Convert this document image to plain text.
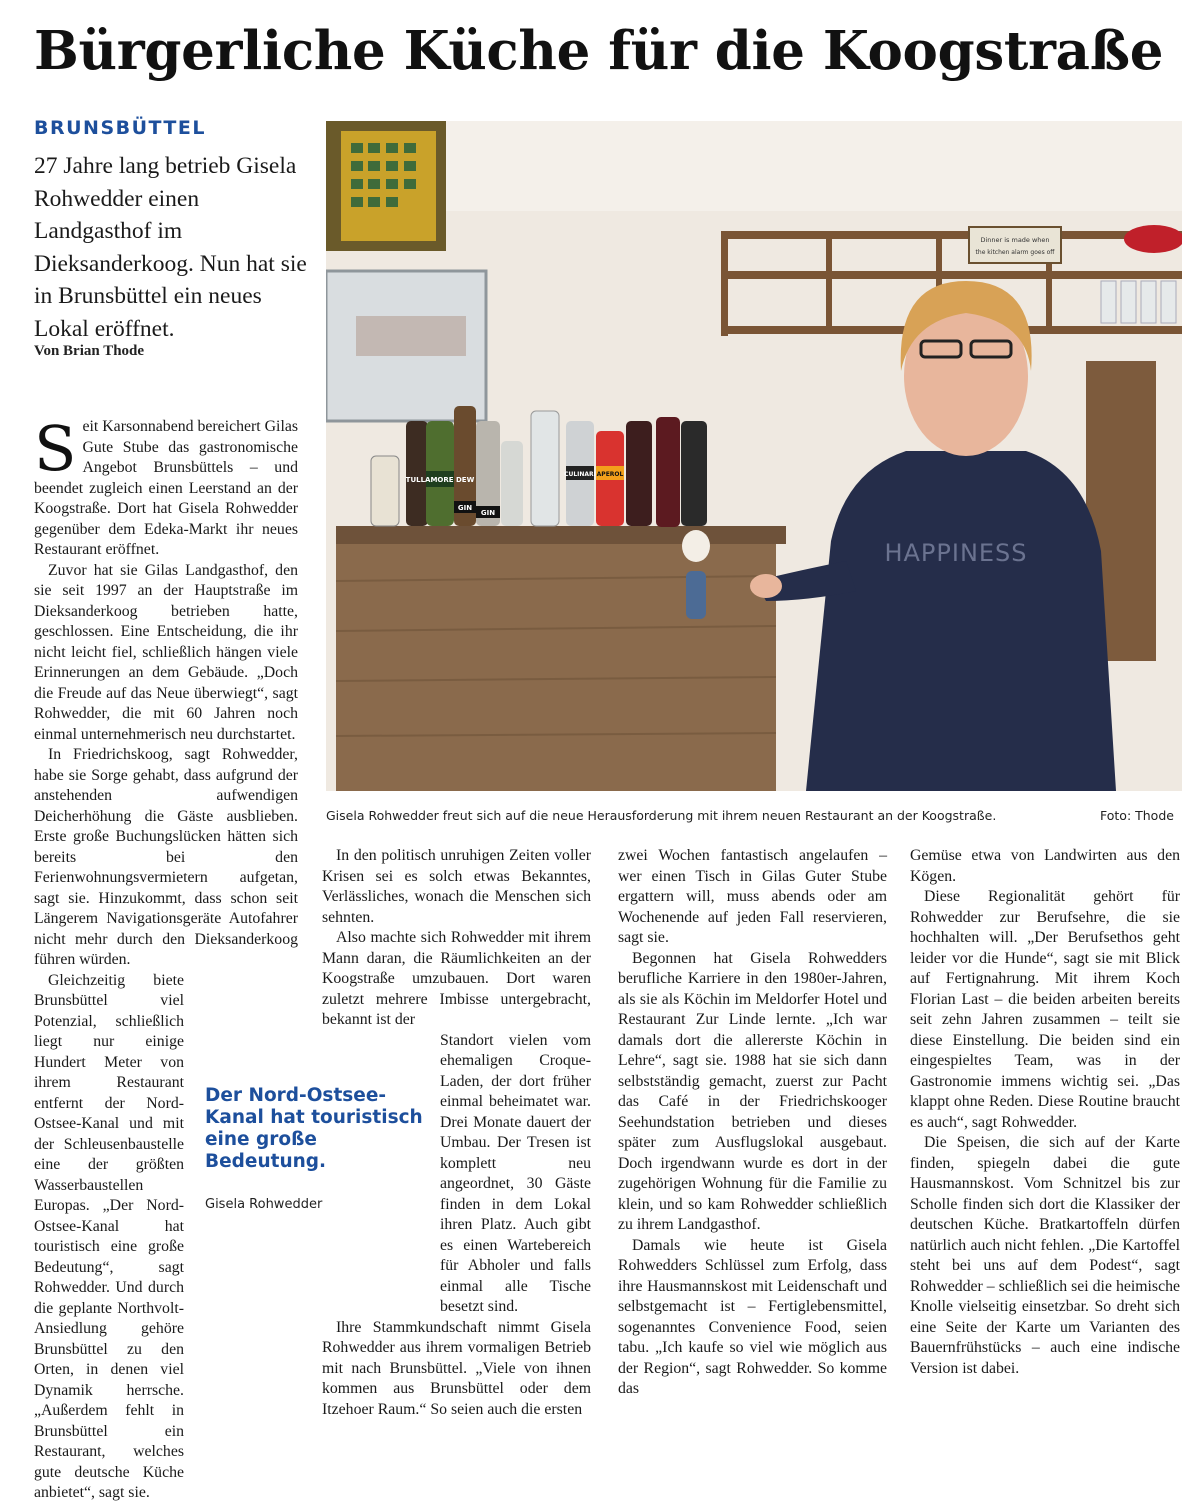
Bürgerliche Küche für die Koogstraße
BRUNSBÜTTEL
27 Jahre lang betrieb Gisela Rohwedder einen Landgasthof im Dieksanderkoog. Nun hat sie in Brunsbüttel ein neues Lokal eröffnet.
Von Brian Thode
Dinner is made when
the kitchen alarm goes off
TULLAMORE DEW
GIN
GIN
CULINARI APEROL
HAPPINESS
Gisela Rohwedder freut sich auf die neue Herausforderung mit ihrem neuen Restaurant an der Koogstraße.	Foto: Thode

Seit Karsonnabend bereichert Gilas Gute Stube das gastronomische Angebot Brunsbüttels – und beendet zugleich einen Leerstand an der Koogstraße. Dort hat Gisela Rohwedder gegenüber dem Edeka-Markt ihr neues Restaurant eröffnet.

Zuvor hat sie Gilas Landgasthof, den sie seit 1997 an der Hauptstraße im Dieksanderkoog betrieben hatte, geschlossen. Eine Entscheidung, die ihr nicht leicht fiel, schließlich hängen viele Erinnerungen an dem Gebäude. „Doch die Freude auf das Neue überwiegt“, sagt Rohwedder, die mit 60 Jahren noch einmal unternehmerisch neu durchstartet.

In Friedrichskoog, sagt Rohwedder, habe sie Sorge gehabt, dass aufgrund der anstehenden aufwendigen Deicherhöhung die Gäste ausblieben. Erste große Buchungslücken hätten sich bereits bei den Ferienwohnungsvermietern aufgetan, sagt sie. Hinzukommt, dass schon seit Längerem Navigationsgeräte Autofahrer nicht mehr durch den Dieksanderkoog führen würden.

Gleichzeitig biete Brunsbüttel viel Potenzial, schließlich liegt nur einige Hundert Meter von ihrem Restaurant entfernt der Nord-Ostsee-Kanal und mit der Schleusenbaustelle eine der größten Wasserbaustellen Europas. „Der Nord-Ostsee-Kanal hat touristisch eine große Bedeutung“, sagt Rohwedder. Und durch die geplante Northvolt-Ansiedlung gehöre Brunsbüttel zu den Orten, in denen viel Dynamik herrsche. „Außerdem fehlt in Brunsbüttel ein Restaurant, welches gute deutsche Küche anbietet“, sagt sie.

Der Nord-Ostsee-Kanal hat touristisch eine große Bedeutung.
Gisela Rohwedder

In den politisch unruhigen Zeiten voller Krisen sei es solch etwas Bekanntes, Verlässliches, wonach die Menschen sich sehnten.

Also machte sich Rohwedder mit ihrem Mann daran, die Räumlichkeiten an der Koogstraße umzubauen. Dort waren zuletzt mehrere Imbisse untergebracht, bekannt ist der

Standort vielen vom ehemaligen Croque-Laden, der dort früher einmal beheimatet war. Drei Monate dauert der Umbau. Der Tresen ist komplett neu angeordnet, 30 Gäste finden in dem Lokal ihren Platz. Auch gibt es einen Wartebereich für Abholer und falls einmal alle Tische besetzt sind.

Ihre Stammkundschaft nimmt Gisela Rohwedder aus ihrem vormaligen Betrieb mit nach Brunsbüttel. „Viele von ihnen kommen aus Brunsbüttel oder dem Itzehoer Raum.“ So seien auch die ersten

zwei Wochen fantastisch angelaufen – wer einen Tisch in Gilas Guter Stube ergattern will, muss abends oder am Wochenende auf jeden Fall reservieren, sagt sie.

Begonnen hat Gisela Rohwedders berufliche Karriere in den 1980er-Jahren, als sie als Köchin im Meldorfer Hotel und Restaurant Zur Linde lernte. „Ich war damals dort die allererste Köchin in Lehre“, sagt sie. 1988 hat sie sich dann selbstständig gemacht, zuerst zur Pacht das Café in der Friedrichskooger Seehundstation betrieben und dieses später zum Ausflugslokal ausgebaut. Doch irgendwann wurde es dort in der zugehörigen Wohnung für die Familie zu klein, und so kam Rohwedder schließlich zu ihrem Landgasthof.

Damals wie heute ist Gisela Rohwedders Schlüssel zum Erfolg, dass ihre Hausmannskost mit Leidenschaft und selbstgemacht ist – Fertiglebensmittel, sogenanntes Convenience Food, seien tabu. „Ich kaufe so viel wie möglich aus der Region“, sagt Rohwedder. So komme das

Gemüse etwa von Landwirten aus den Kögen.

Diese Regionalität gehört für Rohwedder zur Berufsehre, die sie hochhalten will. „Der Berufsethos geht leider vor die Hunde“, sagt sie mit Blick auf Fertignahrung. Mit ihrem Koch Florian Last – die beiden arbeiten bereits seit zehn Jahren zusammen – teilt sie diese Einstellung. Die beiden sind ein eingespieltes Team, was in der Gastronomie immens wichtig sei. „Das klappt ohne Reden. Diese Routine braucht es auch“, sagt Rohwedder.

Die Speisen, die sich auf der Karte finden, spiegeln dabei die gute Hausmannskost. Vom Schnitzel bis zur Scholle finden sich dort die Klassiker der deutschen Küche. Bratkartoffeln dürfen natürlich auch nicht fehlen. „Die Kartoffel steht bei uns auf dem Podest“, sagt Rohwedder – schließlich sei die heimische Knolle vielseitig einsetzbar. So dreht sich eine Seite der Karte um Varianten des Bauernfrühstücks – auch eine indische Version ist dabei.
